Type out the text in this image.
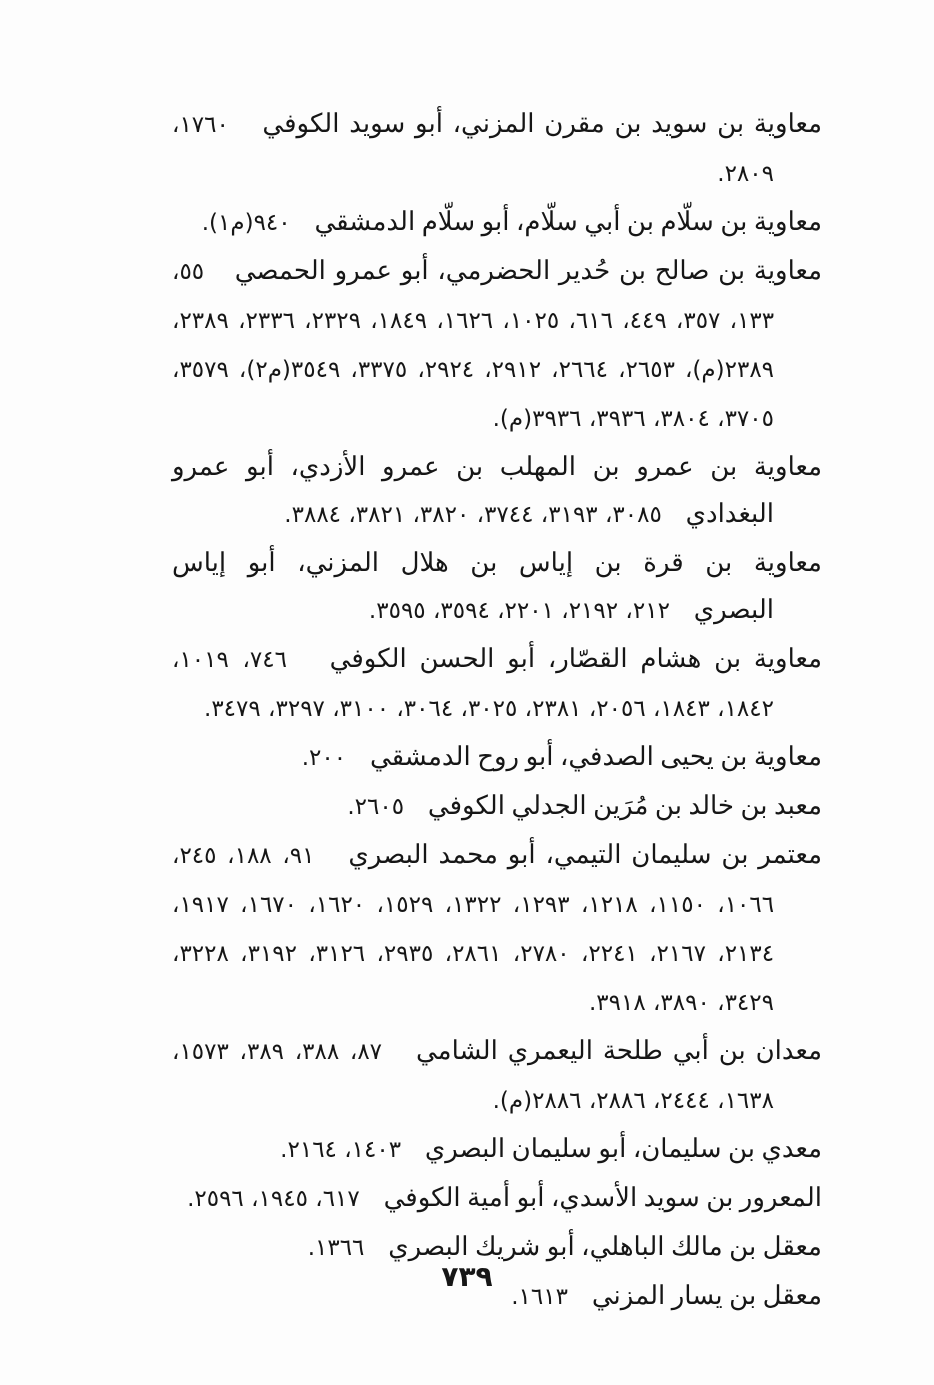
معاوية بن سويد بن مقرن المزني، أبو سويد الكوفي   ١٧٦٠، ٢٨٠٩.

معاوية بن سلّام بن أبي سلّام، أبو سلّام الدمشقي   ٩٤٠(م١).

معاوية بن صالح بن حُدير الحضرمي، أبو عمرو الحمصي   ٥٥، ١٣٣، ٣٥٧، ٤٤٩، ٦١٦، ١٠٢٥، ١٦٢٦، ١٨٤٩، ٢٣٢٩، ٢٣٣٦، ٢٣٨٩، ٢٣٨٩(م)، ٢٦٥٣، ٢٦٦٤، ٢٩١٢، ٢٩٢٤، ٣٣٧٥، ٣٥٤٩(م٢)، ٣٥٧٩، ٣٧٠٥، ٣٨٠٤، ٣٩٣٦، ٣٩٣٦(م).

معاوية بن عمرو بن المهلب بن عمرو الأزدي، أبو عمرو البغدادي   ٣٠٨٥، ٣١٩٣، ٣٧٤٤، ٣٨٢٠، ٣٨٢١، ٣٨٨٤.

معاوية بن قرة بن إياس بن هلال المزني، أبو إياس البصري   ٢١٢، ٢١٩٢، ٢٢٠١، ٣٥٩٤، ٣٥٩٥.

معاوية بن هشام القصّار، أبو الحسن الكوفي   ٧٤٦، ١٠١٩، ١٨٤٢، ١٨٤٣، ٢٠٥٦، ٢٣٨١، ٣٠٢٥، ٣٠٦٤، ٣١٠٠، ٣٢٩٧، ٣٤٧٩.

معاوية بن يحيى الصدفي، أبو روح الدمشقي   ٢٠٠.

معبد بن خالد بن مُرَين الجدلي الكوفي   ٢٦٠٥.

معتمر بن سليمان التيمي، أبو محمد البصري   ٩١، ١٨٨، ٢٤٥، ١٠٦٦، ١١٥٠، ١٢١٨، ١٢٩٣، ١٣٢٢، ١٥٢٩، ١٦٢٠، ١٦٧٠، ١٩١٧، ٢١٣٤، ٢١٦٧، ٢٢٤١، ٢٧٨٠، ٢٨٦١، ٢٩٣٥، ٣١٢٦، ٣١٩٢، ٣٢٢٨، ٣٤٢٩، ٣٨٩٠، ٣٩١٨.

معدان بن أبي طلحة اليعمري الشامي   ٨٧، ٣٨٨، ٣٨٩، ١٥٧٣، ١٦٣٨، ٢٤٤٤، ٢٨٨٦، ٢٨٨٦(م).

معدي بن سليمان، أبو سليمان البصري   ١٤٠٣، ٢١٦٤.

المعرور بن سويد الأسدي، أبو أمية الكوفي   ٦١٧، ١٩٤٥، ٢٥٩٦.

معقل بن مالك الباهلي، أبو شريك البصري   ١٣٦٦.

معقل بن يسار المزني   ١٦١٣.

٧٣٩
